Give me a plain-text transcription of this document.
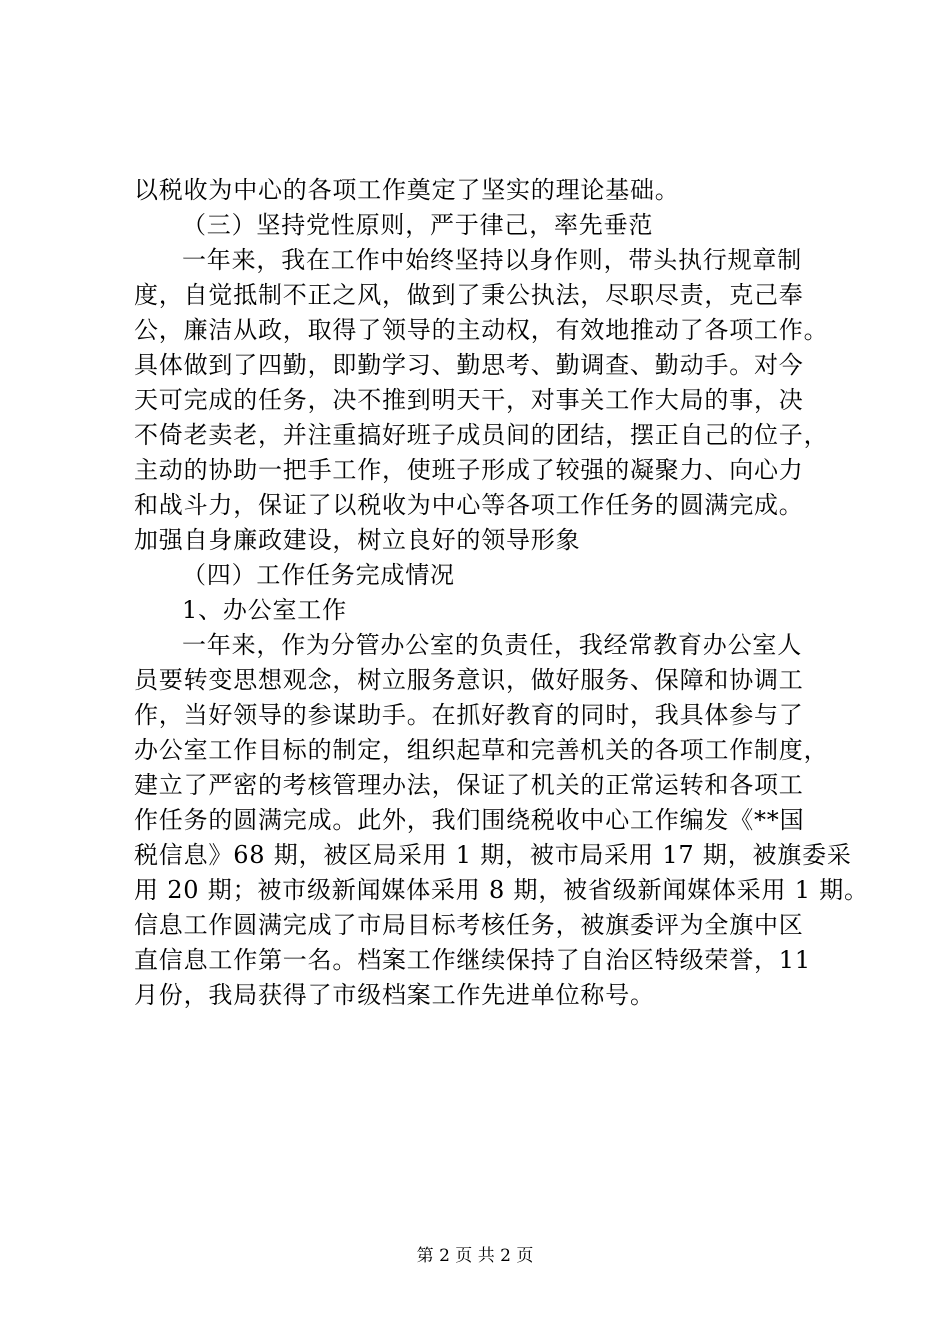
以税收为中心的各项工作奠定了坚实的理论基础。
（三）坚持党性原则，严于律己，率先垂范
一年来，我在工作中始终坚持以身作则，带头执行规章制
度，自觉抵制不正之风，做到了秉公执法，尽职尽责，克己奉
公，廉洁从政，取得了领导的主动权，有效地推动了各项工作。
具体做到了四勤，即勤学习、勤思考、勤调查、勤动手。对今
天可完成的任务，决不推到明天干，对事关工作大局的事，决
不倚老卖老，并注重搞好班子成员间的团结，摆正自己的位子，
主动的协助一把手工作，使班子形成了较强的凝聚力、向心力
和战斗力，保证了以税收为中心等各项工作任务的圆满完成。
加强自身廉政建设，树立良好的领导形象
（四）工作任务完成情况
1、办公室工作
一年来，作为分管办公室的负责任，我经常教育办公室人
员要转变思想观念，树立服务意识，做好服务、保障和协调工
作，当好领导的参谋助手。在抓好教育的同时，我具体参与了
办公室工作目标的制定，组织起草和完善机关的各项工作制度，
建立了严密的考核管理办法，保证了机关的正常运转和各项工
作任务的圆满完成。此外，我们围绕税收中心工作编发《**国
税信息》68 期，被区局采用 1 期，被市局采用 17 期，被旗委采
用 20 期；被市级新闻媒体采用 8 期，被省级新闻媒体采用 1 期。
信息工作圆满完成了市局目标考核任务，被旗委评为全旗中区
直信息工作第一名。档案工作继续保持了自治区特级荣誉，11
月份，我局获得了市级档案工作先进单位称号。
第 2 页 共 2 页
